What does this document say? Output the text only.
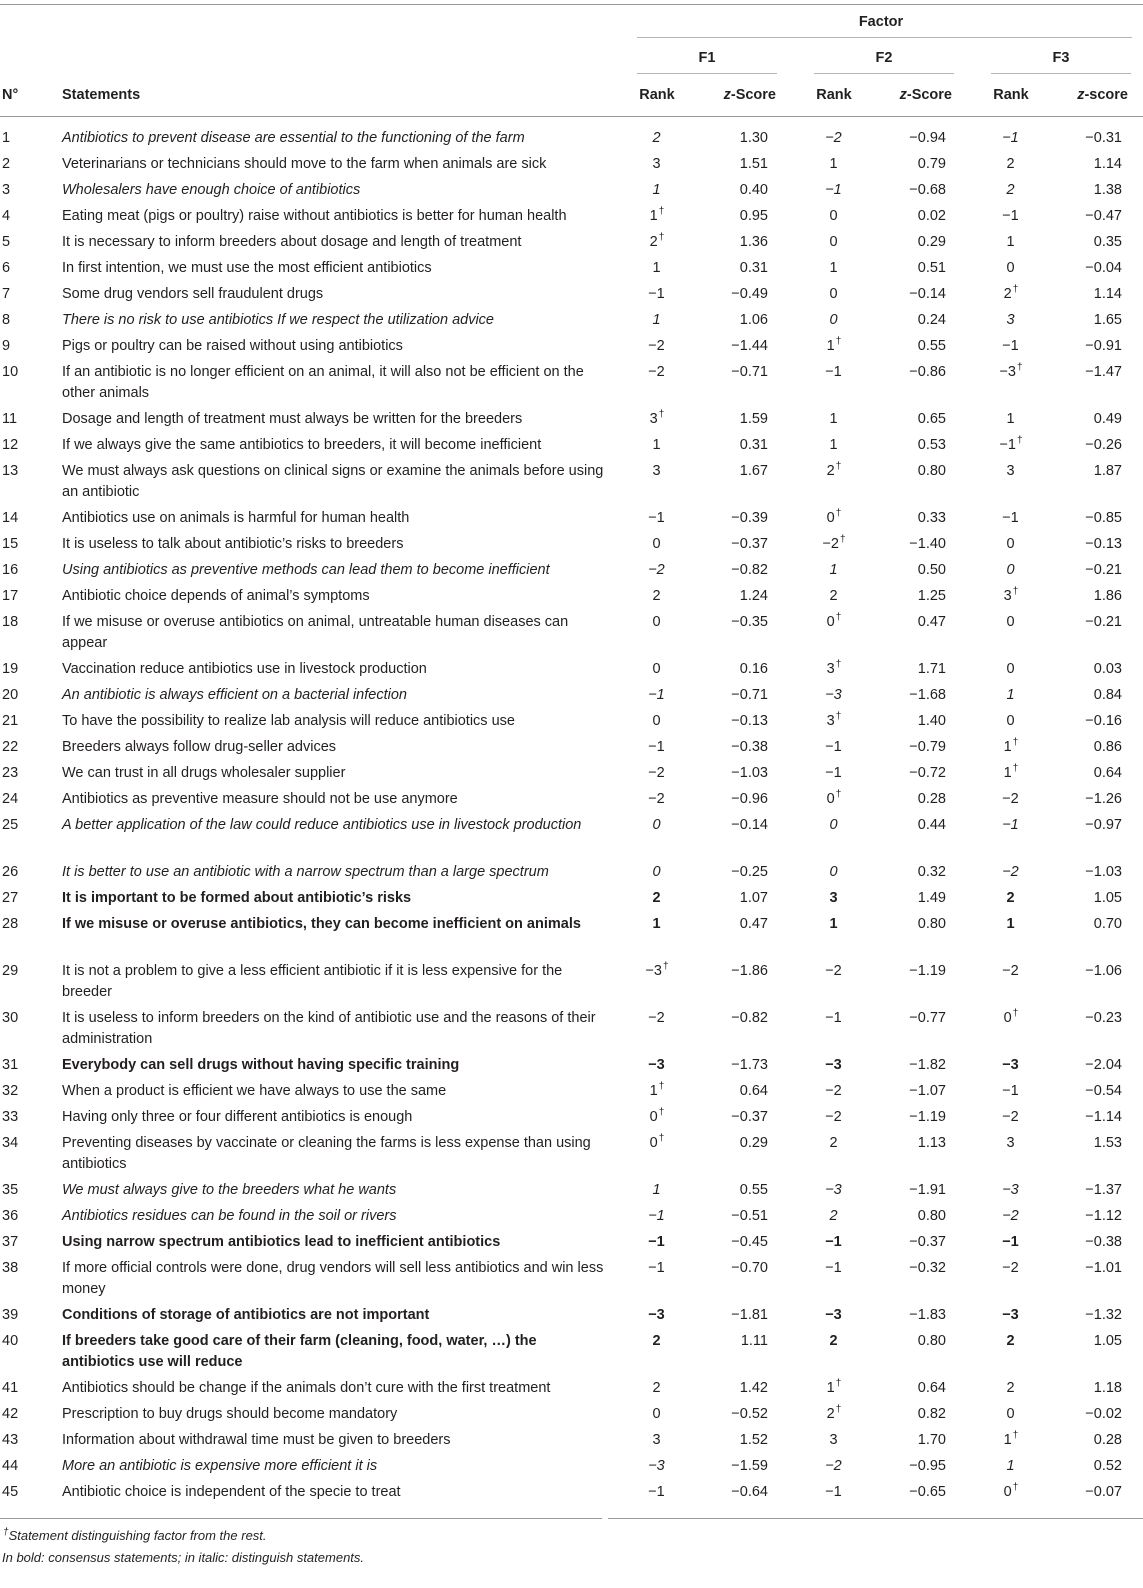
Factor
F1	F2	F3
N°	Statements	Rank	z-Score	Rank	z-Score	Rank	z-score
1	Antibiotics to prevent disease are essential to the functioning of the farm	2	1.30	−2	−0.94	−1	−0.31
2	Veterinarians or technicians should move to the farm when animals are sick	3	1.51	1	0.79	2	1.14
3	Wholesalers have enough choice of antibiotics	1	0.40	−1	−0.68	2	1.38
4	Eating meat (pigs or poultry) raise without antibiotics is better for human health	1†	0.95	0	0.02	−1	−0.47
5	It is necessary to inform breeders about dosage and length of treatment	2†	1.36	0	0.29	1	0.35
6	In first intention, we must use the most efficient antibiotics	1	0.31	1	0.51	0	−0.04
7	Some drug vendors sell fraudulent drugs	−1	−0.49	0	−0.14	2†	1.14
8	There is no risk to use antibiotics If we respect the utilization advice	1	1.06	0	0.24	3	1.65
9	Pigs or poultry can be raised without using antibiotics	−2	−1.44	1†	0.55	−1	−0.91
10	If an antibiotic is no longer efficient on an animal, it will also not be efficient on the other animals
−2	−0.71	−1	−0.86	−3†	−1.47
11	Dosage and length of treatment must always be written for the breeders	3†	1.59	1	0.65	1	0.49
12	If we always give the same antibiotics to breeders, it will become inefficient	1	0.31	1	0.53	−1†	−0.26
13	We must always ask questions on clinical signs or examine the animals before using an antibiotic
3	1.67	2†	0.80	3	1.87
14	Antibiotics use on animals is harmful for human health	−1	−0.39	0†	0.33	−1	−0.85
15	It is useless to talk about antibiotic’s risks to breeders	0	−0.37	−2†	−1.40	0	−0.13
16	Using antibiotics as preventive methods can lead them to become inefficient	−2	−0.82	1	0.50	0	−0.21
17	Antibiotic choice depends of animal’s symptoms	2	1.24	2	1.25	3†	1.86
18	If we misuse or overuse antibiotics on animal, untreatable human diseases can appear
0	−0.35	0†	0.47	0	−0.21
19	Vaccination reduce antibiotics use in livestock production	0	0.16	3†	1.71	0	0.03
20	An antibiotic is always efficient on a bacterial infection	−1	−0.71	−3	−1.68	1	0.84
21	To have the possibility to realize lab analysis will reduce antibiotics use	0	−0.13	3†	1.40	0	−0.16
22	Breeders always follow drug-seller advices	−1	−0.38	−1	−0.79	1†	0.86
23	We can trust in all drugs wholesaler supplier	−2	−1.03	−1	−0.72	1†	0.64
24	Antibiotics as preventive measure should not be use anymore	−2	−0.96	0†	0.28	−2	−1.26
25	A better application of the law could reduce antibiotics use in livestock production	0	−0.14	0	0.44	−1	−0.97
26	It is better to use an antibiotic with a narrow spectrum than a large spectrum	0	−0.25	0	0.32	−2	−1.03
27	It is important to be formed about antibiotic’s risks	2	1.07	3	1.49	2	1.05
28	If we misuse or overuse antibiotics, they can become inefficient on animals	1	0.47	1	0.80	1	0.70
29	It is not a problem to give a less efficient antibiotic if it is less expensive for the breeder
−3†	−1.86	−2	−1.19	−2	−1.06
30	It is useless to inform breeders on the kind of antibiotic use and the reasons of their administration
−2	−0.82	−1	−0.77	0†	−0.23
31	Everybody can sell drugs without having specific training	−3	−1.73	−3	−1.82	−3	−2.04
32	When a product is efficient we have always to use the same	1†	0.64	−2	−1.07	−1	−0.54
33	Having only three or four different antibiotics is enough	0†	−0.37	−2	−1.19	−2	−1.14
34	Preventing diseases by vaccinate or cleaning the farms is less expense than using antibiotics
0†	0.29	2	1.13	3	1.53
35	We must always give to the breeders what he wants	1	0.55	−3	−1.91	−3	−1.37
36	Antibiotics residues can be found in the soil or rivers	−1	−0.51	2	0.80	−2	−1.12
37	Using narrow spectrum antibiotics lead to inefficient antibiotics	−1	−0.45	−1	−0.37	−1	−0.38
38	If more official controls were done, drug vendors will sell less antibiotics and win less money
−1	−0.70	−1	−0.32	−2	−1.01
39	Conditions of storage of antibiotics are not important	−3	−1.81	−3	−1.83	−3	−1.32
40	If breeders take good care of their farm (cleaning, food, water, …) the antibiotics use will reduce
2	1.11	2	0.80	2	1.05
41	Antibiotics should be change if the animals don’t cure with the first treatment	2	1.42	1†	0.64	2	1.18
42	Prescription to buy drugs should become mandatory	0	−0.52	2†	0.82	0	−0.02
43	Information about withdrawal time must be given to breeders	3	1.52	3	1.70	1†	0.28
44	More an antibiotic is expensive more efficient it is	−3	−1.59	−2	−0.95	1	0.52
45	Antibiotic choice is independent of the specie to treat	−1	−0.64	−1	−0.65	0†	−0.07
†Statement distinguishing factor from the rest.
In bold: consensus statements; in italic: distinguish statements.
